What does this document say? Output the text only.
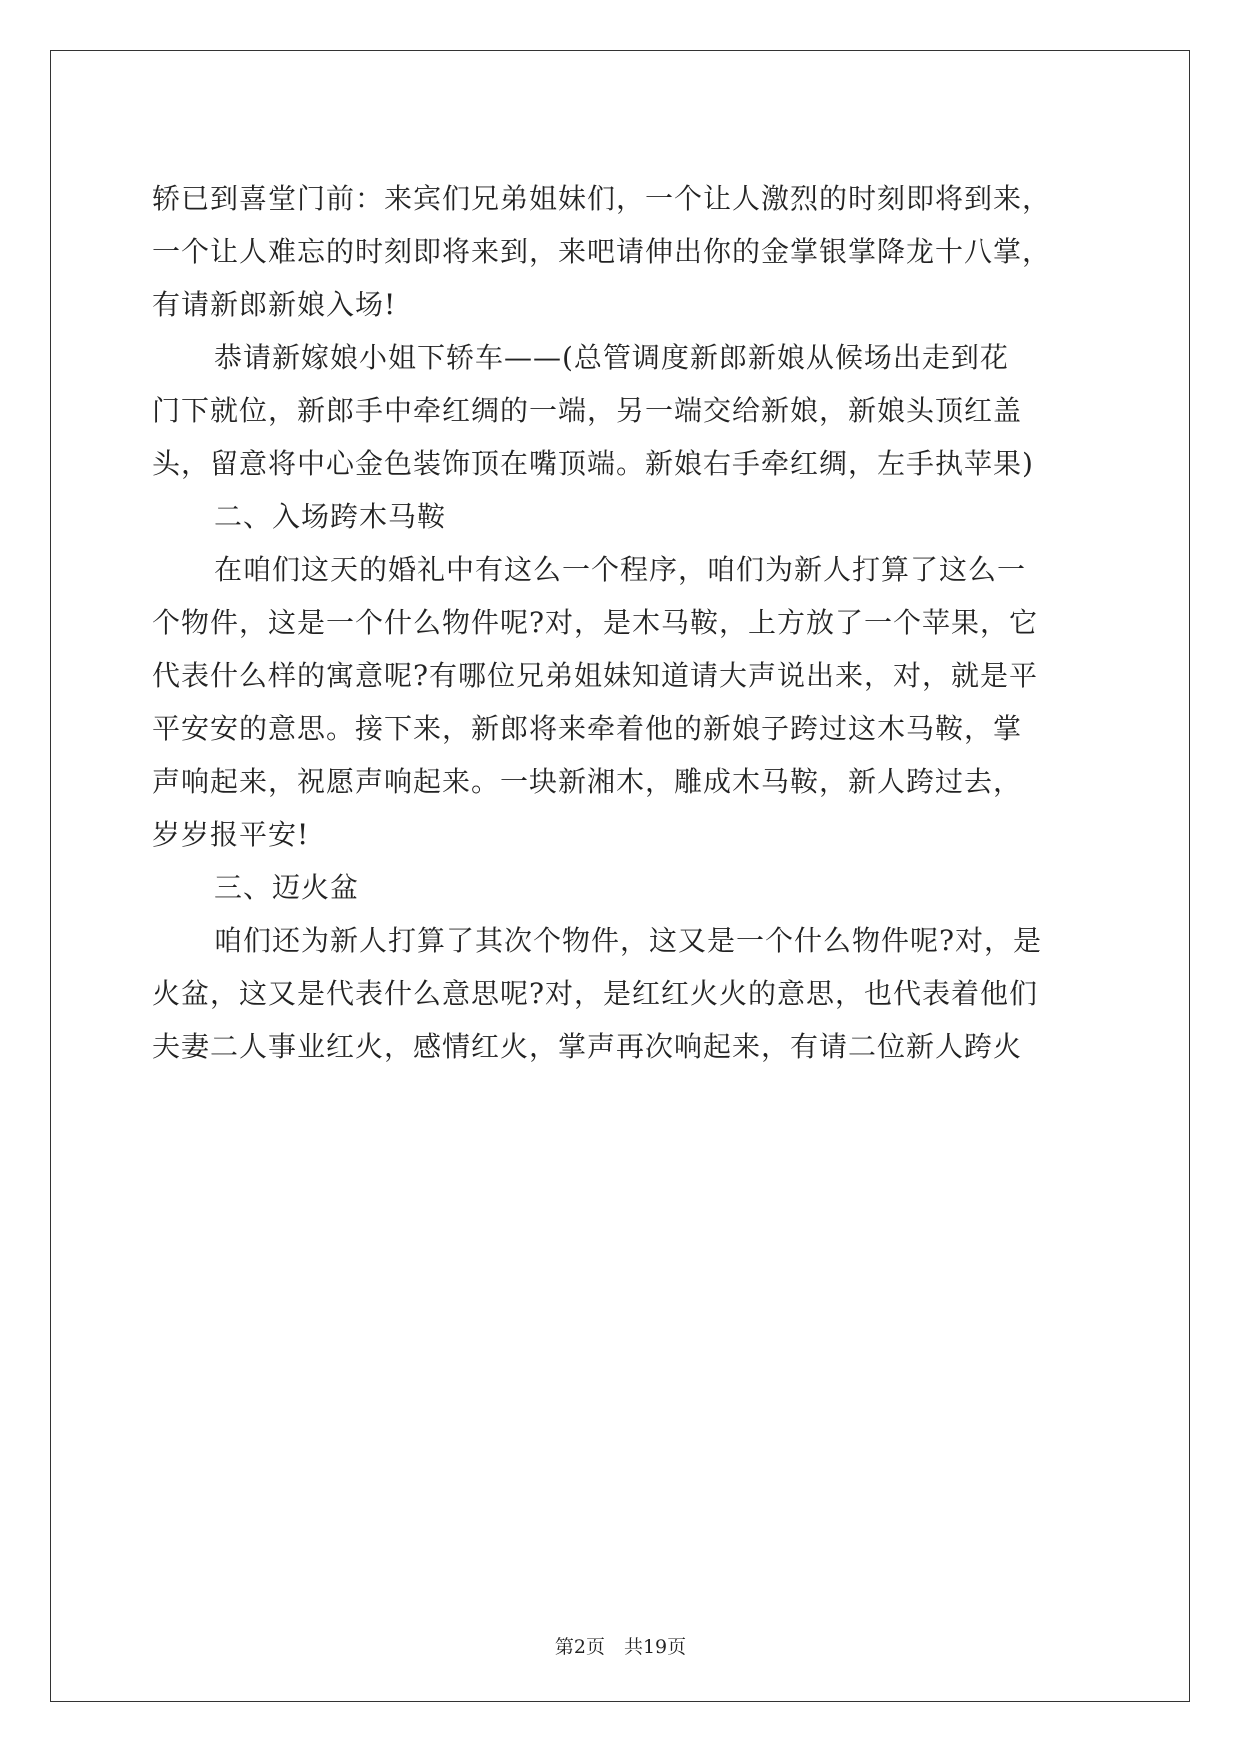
轿已到喜堂门前：来宾们兄弟姐妹们，一个让人激烈的时刻即将到来，
一个让人难忘的时刻即将来到，来吧请伸出你的金掌银掌降龙十八掌，
有请新郎新娘入场!
恭请新嫁娘小姐下轿车——(总管调度新郎新娘从候场出走到花
门下就位，新郎手中牵红绸的一端，另一端交给新娘，新娘头顶红盖
头，留意将中心金色装饰顶在嘴顶端。新娘右手牵红绸，左手执苹果)
二、入场跨木马鞍
在咱们这天的婚礼中有这么一个程序，咱们为新人打算了这么一
个物件，这是一个什么物件呢?对，是木马鞍，上方放了一个苹果，它
代表什么样的寓意呢?有哪位兄弟姐妹知道请大声说出来，对，就是平
平安安的意思。接下来，新郎将来牵着他的新娘子跨过这木马鞍，掌
声响起来，祝愿声响起来。一块新湘木，雕成木马鞍，新人跨过去，
岁岁报平安!
三、迈火盆
咱们还为新人打算了其次个物件，这又是一个什么物件呢?对，是
火盆，这又是代表什么意思呢?对，是红红火火的意思，也代表着他们
夫妻二人事业红火，感情红火，掌声再次响起来，有请二位新人跨火
第2页　共19页
